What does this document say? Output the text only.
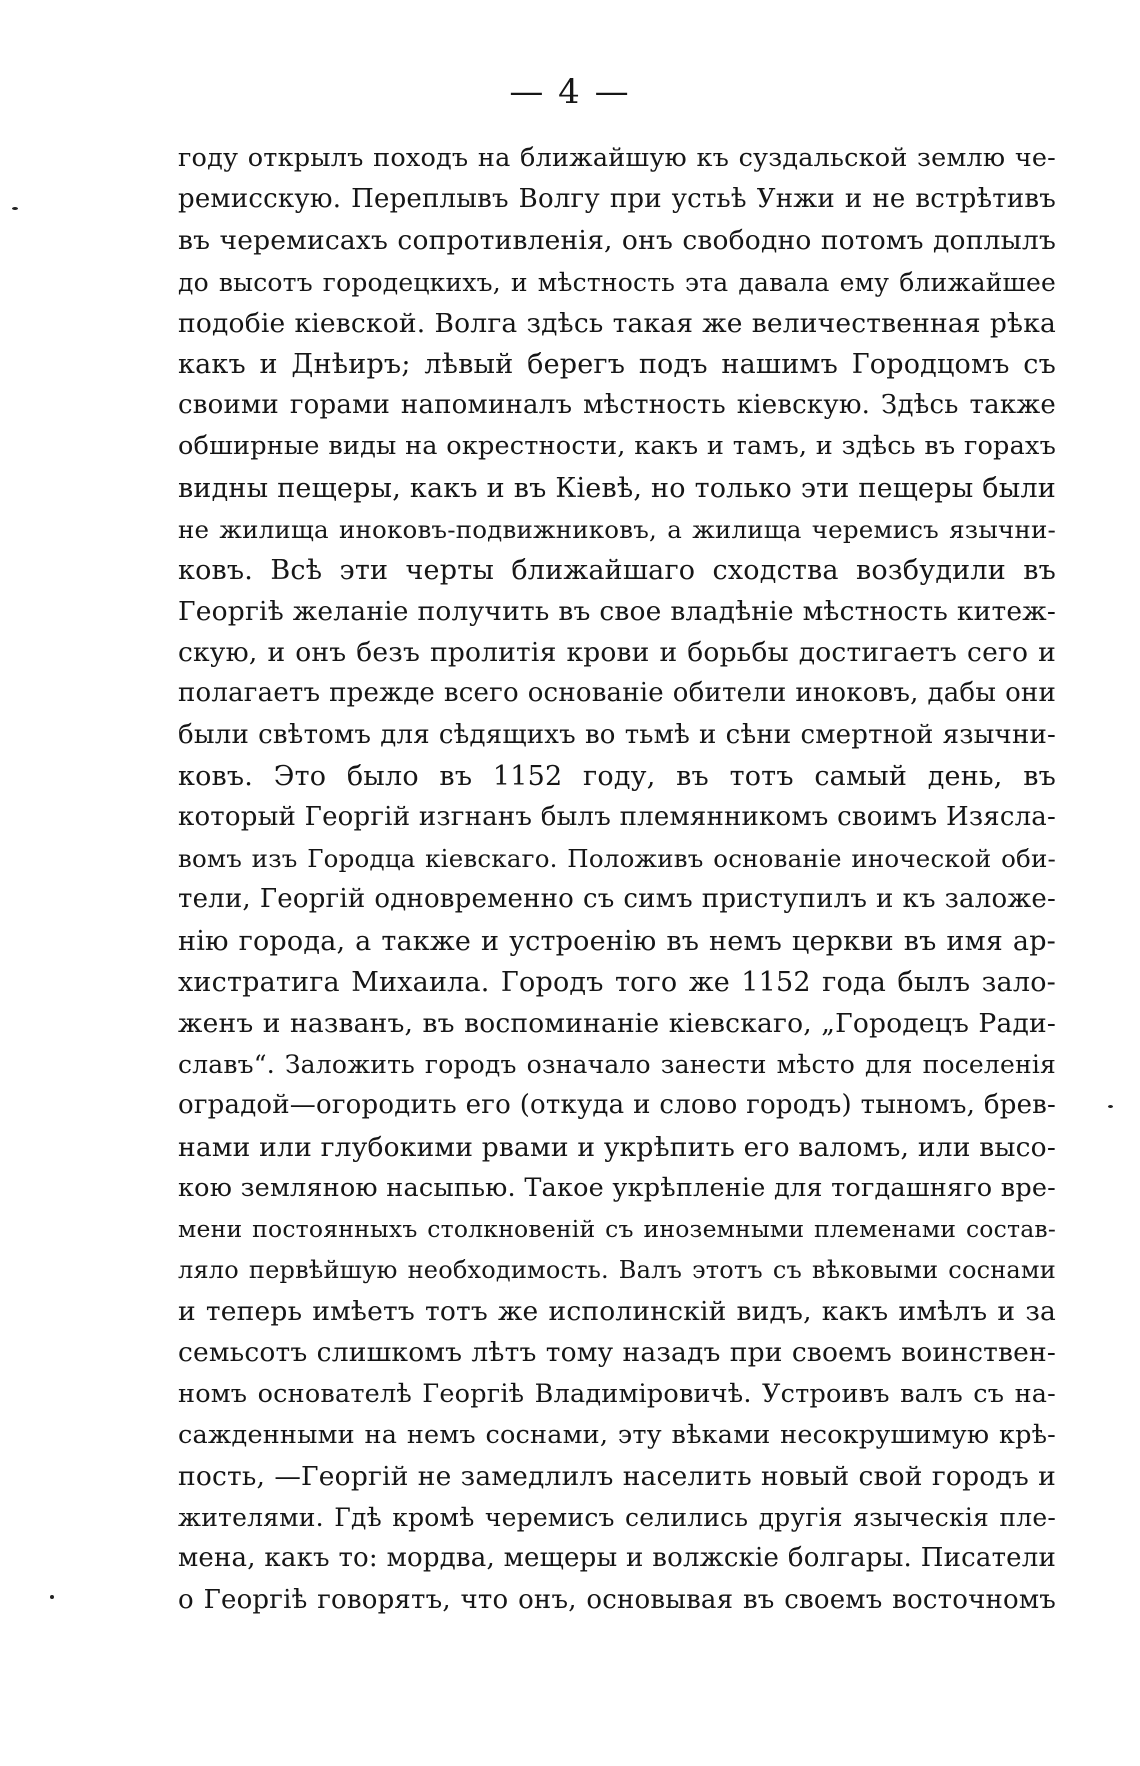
— 4 —
году открылъ походъ на ближайшую къ суздальской землю че-
ремисскую. Переплывъ Волгу при устьѣ Унжи и не встрѣтивъ
въ черемисахъ сопротивленія, онъ свободно потомъ доплылъ
до высотъ городецкихъ, и мѣстность эта давала ему ближайшее
подобіе кіевской. Волга здѣсь такая же величественная рѣка
какъ и Днѣиръ; лѣвый берегъ подъ нашимъ Городцомъ съ
своими горами напоминалъ мѣстность кіевскую. Здѣсь также
обширные виды на окрестности, какъ и тамъ, и здѣсь въ горахъ
видны пещеры, какъ и въ Кіевѣ, но только эти пещеры были
не жилища иноковъ-подвижниковъ, а жилища черемисъ язычни-
ковъ. Всѣ эти черты ближайшаго сходства возбудили въ
Георгіѣ желаніе получить въ свое владѣніе мѣстность китеж-
скую, и онъ безъ пролитія крови и борьбы достигаетъ сего и
полагаетъ прежде всего основаніе обители иноковъ, дабы они
были свѣтомъ для сѣдящихъ во тьмѣ и сѣни смертной язычни-
ковъ. Это было въ 1152 году, въ тотъ самый день, въ
который Георгій изгнанъ былъ племянникомъ своимъ Изясла-
вомъ изъ Городца кіевскаго. Положивъ основаніе иноческой оби-
тели, Георгій одновременно съ симъ приступилъ и къ заложе-
нію города, а также и устроенію въ немъ церкви въ имя ар-
хистратига Михаила. Городъ того же 1152 года былъ зало-
женъ и названъ, въ воспоминаніе кіевскаго, „Городецъ Ради-
славъ“. Заложить городъ означало занести мѣсто для поселенія
оградой—огородить его (откуда и слово городъ) тыномъ, брев-
нами или глубокими рвами и укрѣпить его валомъ, или высо-
кою земляною насыпью. Такое укрѣпленіе для тогдашняго вре-
мени постоянныхъ столкновеній съ иноземными племенами состав-
ляло первѣйшую необходимость. Валъ этотъ съ вѣковыми соснами
и теперь имѣетъ тотъ же исполинскій видъ, какъ имѣлъ и за
семьсотъ слишкомъ лѣтъ тому назадъ при своемъ воинствен-
номъ основателѣ Георгіѣ Владиміровичѣ. Устроивъ валъ съ на-
сажденными на немъ соснами, эту вѣками несокрушимую крѣ-
пость, —Георгій не замедлилъ населить новый свой городъ и
жителями. Гдѣ кромѣ черемисъ селились другія языческія пле-
мена, какъ то: мордва, мещеры и волжскіе болгары. Писатели
о Георгіѣ говорятъ, что онъ, основывая въ своемъ восточномъ
